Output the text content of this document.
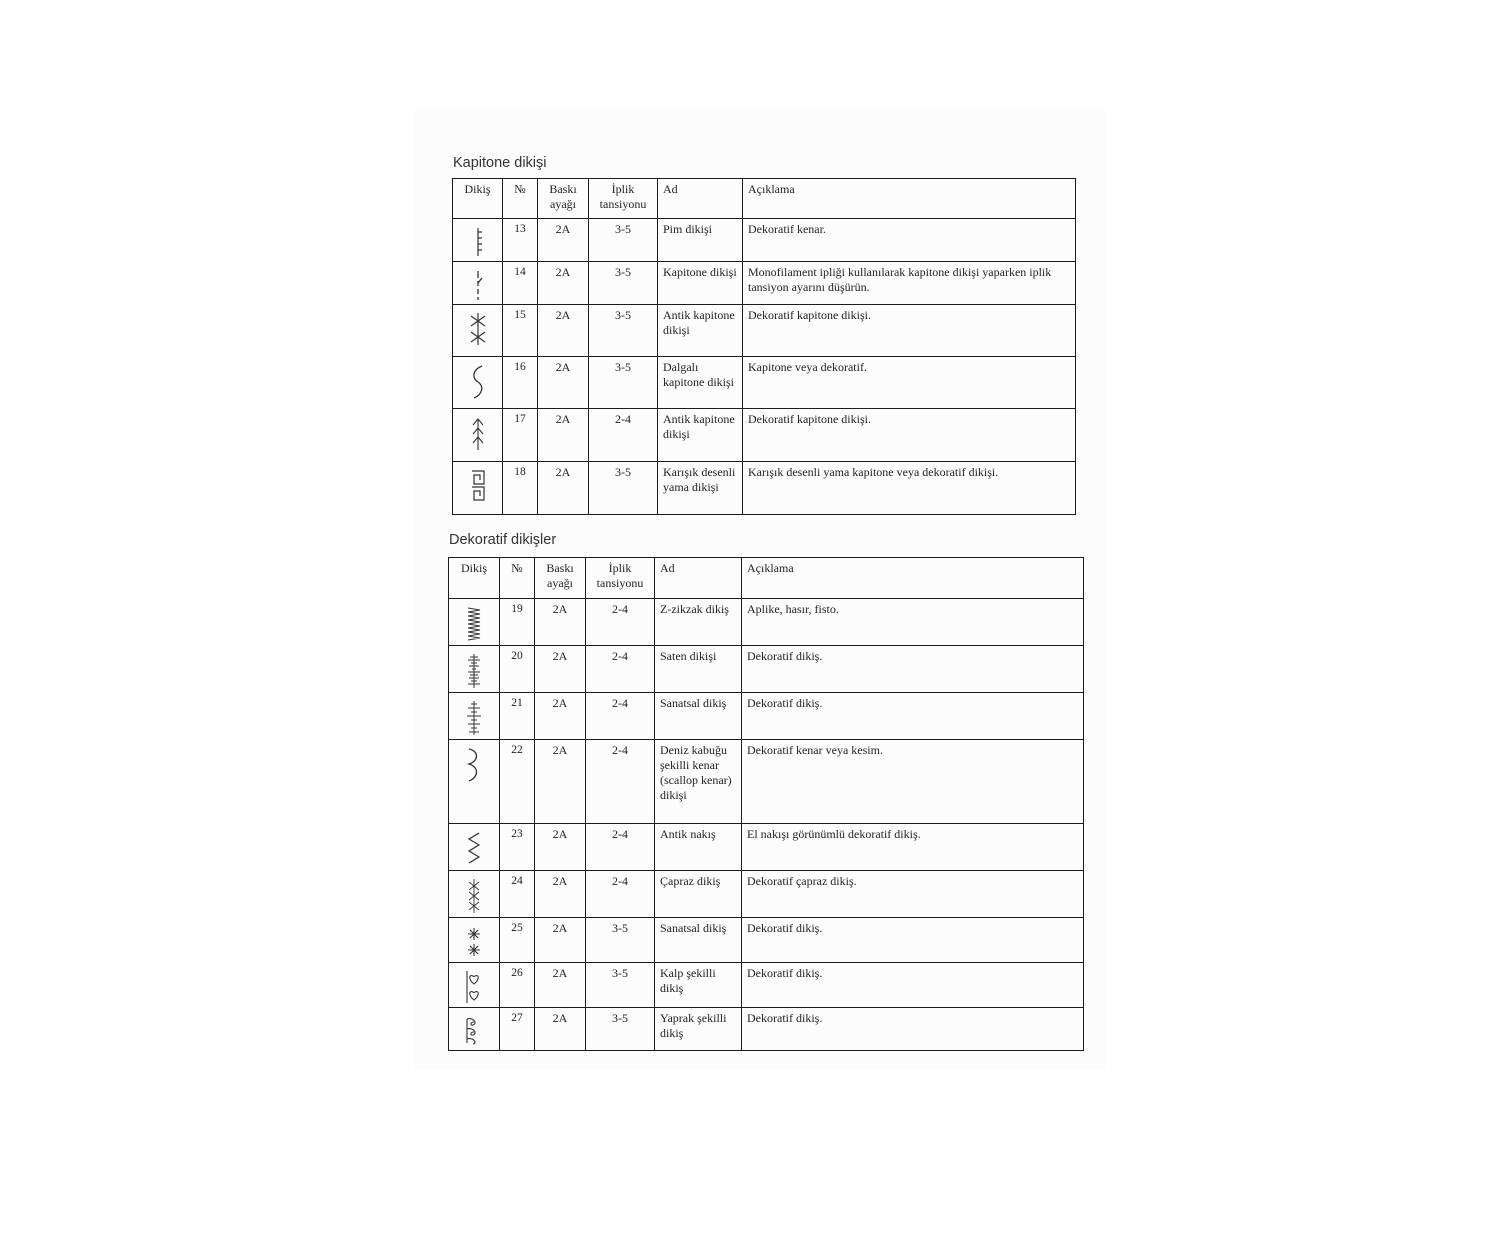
Kapitone dikişi
Dikiş	№	Baskı ayağı	İplik tansiyonu	Ad	Açıklama

	13	2A	3-5	Pim dikişi	Dekoratif kenar.

	14	2A	3-5	Kapitone dikişi	Monofilament ipliği kullanılarak kapitone dikişi yaparken iplik tansiyon ayarını düşürün.

	15	2A	3-5	Antik kapitone dikişi	Dekoratif kapitone dikişi.

	16	2A	3-5	Dalgalı kapitone dikişi	Kapitone veya dekoratif.

	17	2A	2-4	Antik kapitone dikişi	Dekoratif kapitone dikişi.

	18	2A	3-5	Karışık desenli yama dikişi	Karışık desenli yama kapitone veya dekoratif dikişi.
Dekoratif dikişler
Dikiş	№	Baskı ayağı	İplik tansiyonu	Ad	Açıklama

	19	2A	2-4	Z-zikzak dikiş	Aplike, hasır, fisto.

	20	2A	2-4	Saten dikişi	Dekoratif dikiş.

	21	2A	2-4	Sanatsal dikiş	Dekoratif dikiş.

	22	2A	2-4	Deniz kabuğu şekilli kenar (scallop kenar) dikişi	Dekoratif kenar veya kesim.

	23	2A	2-4	Antik nakış	El nakışı görünümlü dekoratif dikiş.

	24	2A	2-4	Çapraz dikiş	Dekoratif çapraz dikiş.

	25	2A	3-5	Sanatsal dikiş	Dekoratif dikiş.

	26	2A	3-5	Kalp şekilli dikiş	Dekoratif dikiş.

	27	2A	3-5	Yaprak şekilli dikiş	Dekoratif dikiş.
